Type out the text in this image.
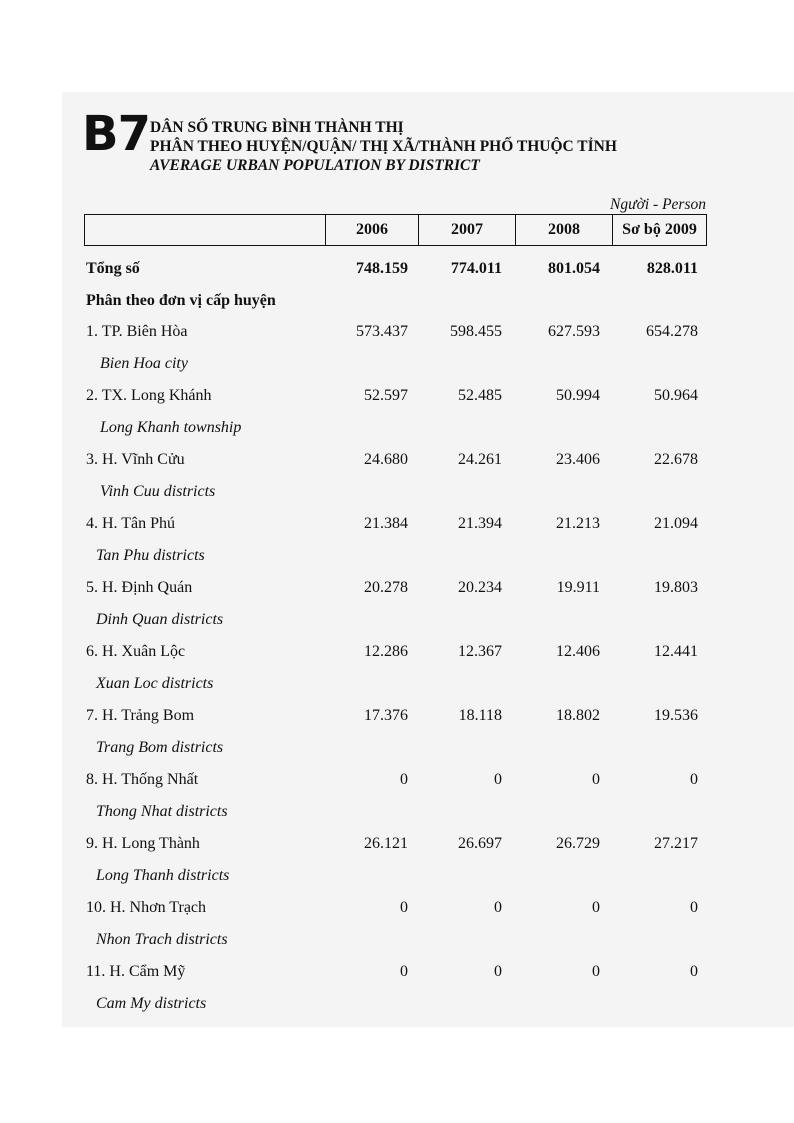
B7 DÂN SỐ TRUNG BÌNH THÀNH THỊ
PHÂN THEO HUYỆN/QUẬN/ THỊ XÃ/THÀNH PHỐ THUỘC TỈNH
AVERAGE URBAN POPULATION BY DISTRICT
Người - Person
	2006	2007	2008	Sơ bộ 2009
Tổng số	748.159	774.011	801.054	828.011
Phân theo đơn vị cấp huyện
1. TP. Biên Hòa	573.437	598.455	627.593	654.278
Bien Hoa city
2. TX. Long Khánh	52.597	52.485	50.994	50.964
Long Khanh township
3. H. Vĩnh Cửu	24.680	24.261	23.406	22.678
Vinh Cuu districts
4. H. Tân Phú	21.384	21.394	21.213	21.094
Tan Phu districts
5. H. Định Quán	20.278	20.234	19.911	19.803
Dinh Quan districts
6. H. Xuân Lộc	12.286	12.367	12.406	12.441
Xuan Loc districts
7. H. Trảng Bom	17.376	18.118	18.802	19.536
Trang Bom districts
8. H. Thống Nhất	0	0	0	0
Thong Nhat districts
9. H. Long Thành	26.121	26.697	26.729	27.217
Long Thanh districts
10. H. Nhơn Trạch	0	0	0	0
Nhon Trach districts
11. H. Cẩm Mỹ	0	0	0	0
Cam My districts
